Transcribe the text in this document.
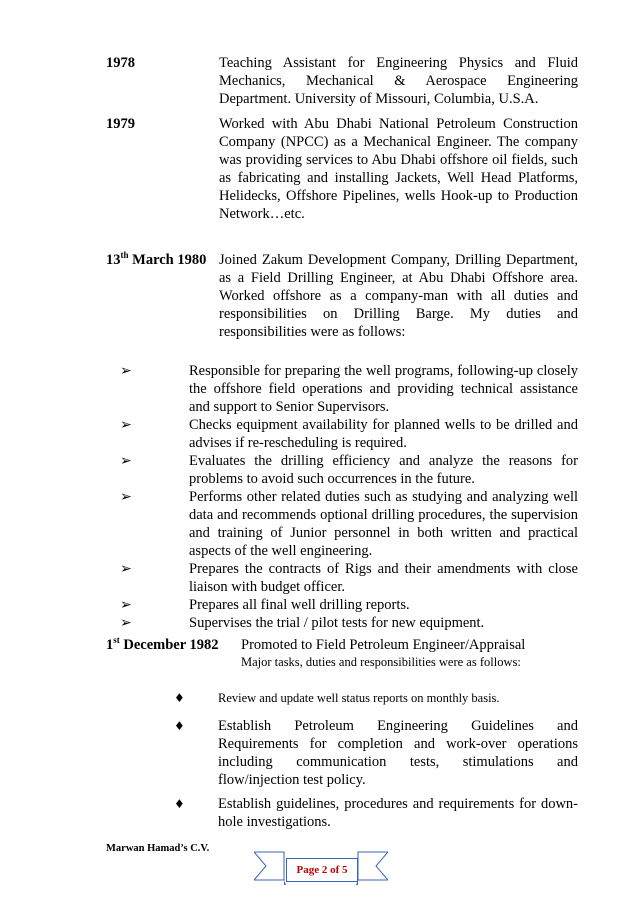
1978	Teaching Assistant for Engineering Physics and Fluid Mechanics, Mechanical & Aerospace Engineering Department. University of Missouri, Columbia, U.S.A.
1979	Worked with Abu Dhabi National Petroleum Construction Company (NPCC) as a Mechanical Engineer. The company was providing services to Abu Dhabi offshore oil fields, such as fabricating and installing Jackets, Well Head Platforms, Helidecks, Offshore Pipelines, wells Hook-up to Production Network…etc.
13th March 1980 Joined Zakum Development Company, Drilling Department, as a Field Drilling Engineer, at Abu Dhabi Offshore area. Worked offshore as a company-man with all duties and responsibilities on Drilling Barge. My duties and responsibilities were as follows:
➢	Responsible for preparing the well programs, following-up closely the offshore field operations and providing technical assistance and support to Senior Supervisors.
➢	Checks equipment availability for planned wells to be drilled and advises if re-rescheduling is required.
➢	Evaluates the drilling efficiency and analyze the reasons for problems to avoid such occurrences in the future.
➢	Performs other related duties such as studying and analyzing well data and recommends optional drilling procedures, the supervision and training of Junior personnel in both written and practical aspects of the well engineering.
➢	Prepares the contracts of Rigs and their amendments with close liaison with budget officer.
➢	Prepares all final well drilling reports.
➢	Supervises the trial / pilot tests for new equipment.
1st December 1982 Promoted to Field Petroleum Engineer/Appraisal
Major tasks, duties and responsibilities were as follows:
♦	Review and update well status reports on monthly basis.
♦ Establish Petroleum Engineering Guidelines and Requirements for completion and work-over operations including communication tests, stimulations and flow/injection test policy.
♦ Establish guidelines, procedures and requirements for down-hole investigations.
Marwan Hamad’s C.V.
Page 2 of 5
